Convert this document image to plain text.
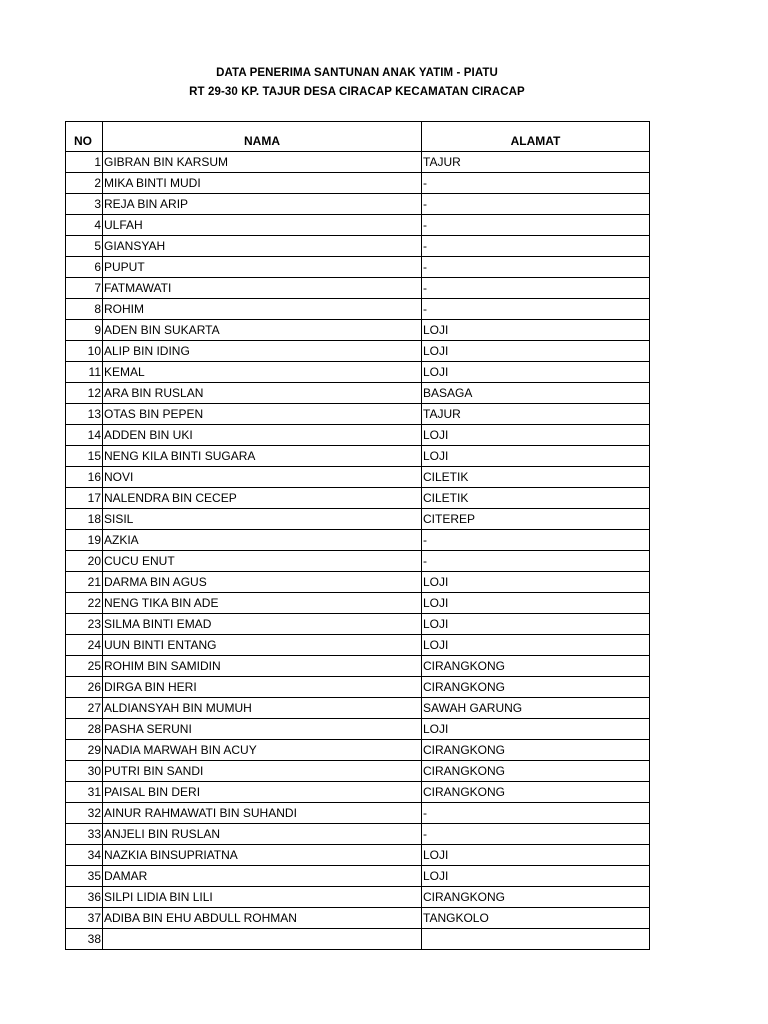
DATA PENERIMA SANTUNAN ANAK YATIM - PIATU
RT 29-30 KP. TAJUR DESA CIRACAP KECAMATAN CIRACAP
NO	NAMA	ALAMAT
1	GIBRAN BIN KARSUM	TAJUR
2	MIKA BINTI MUDI	-
3	REJA BIN ARIP	-
4	ULFAH	-
5	GIANSYAH	-
6	PUPUT	-
7	FATMAWATI	-
8	ROHIM	-
9	ADEN BIN SUKARTA	LOJI
10	ALIP BIN IDING	LOJI
11	KEMAL	LOJI
12	ARA BIN RUSLAN	BASAGA
13	OTAS BIN PEPEN	TAJUR
14	ADDEN BIN UKI	LOJI
15	NENG KILA BINTI SUGARA	LOJI
16	NOVI	CILETIK
17	NALENDRA BIN CECEP	CILETIK
18	SISIL	CITEREP
19	AZKIA	-
20	CUCU ENUT	-
21	DARMA BIN AGUS	LOJI
22	NENG TIKA BIN ADE	LOJI
23	SILMA BINTI EMAD	LOJI
24	UUN BINTI ENTANG	LOJI
25	ROHIM BIN SAMIDIN	CIRANGKONG
26	DIRGA BIN HERI	CIRANGKONG
27	ALDIANSYAH BIN MUMUH	SAWAH GARUNG
28	PASHA SERUNI	LOJI
29	NADIA MARWAH BIN ACUY	CIRANGKONG
30	PUTRI BIN SANDI	CIRANGKONG
31	PAISAL BIN DERI	CIRANGKONG
32	AINUR RAHMAWATI BIN SUHANDI	-
33	ANJELI BIN RUSLAN	-
34	NAZKIA BINSUPRIATNA	LOJI
35	DAMAR	LOJI
36	SILPI LIDIA BIN LILI	CIRANGKONG
37	ADIBA BIN EHU ABDULL ROHMAN	TANGKOLO
38		
